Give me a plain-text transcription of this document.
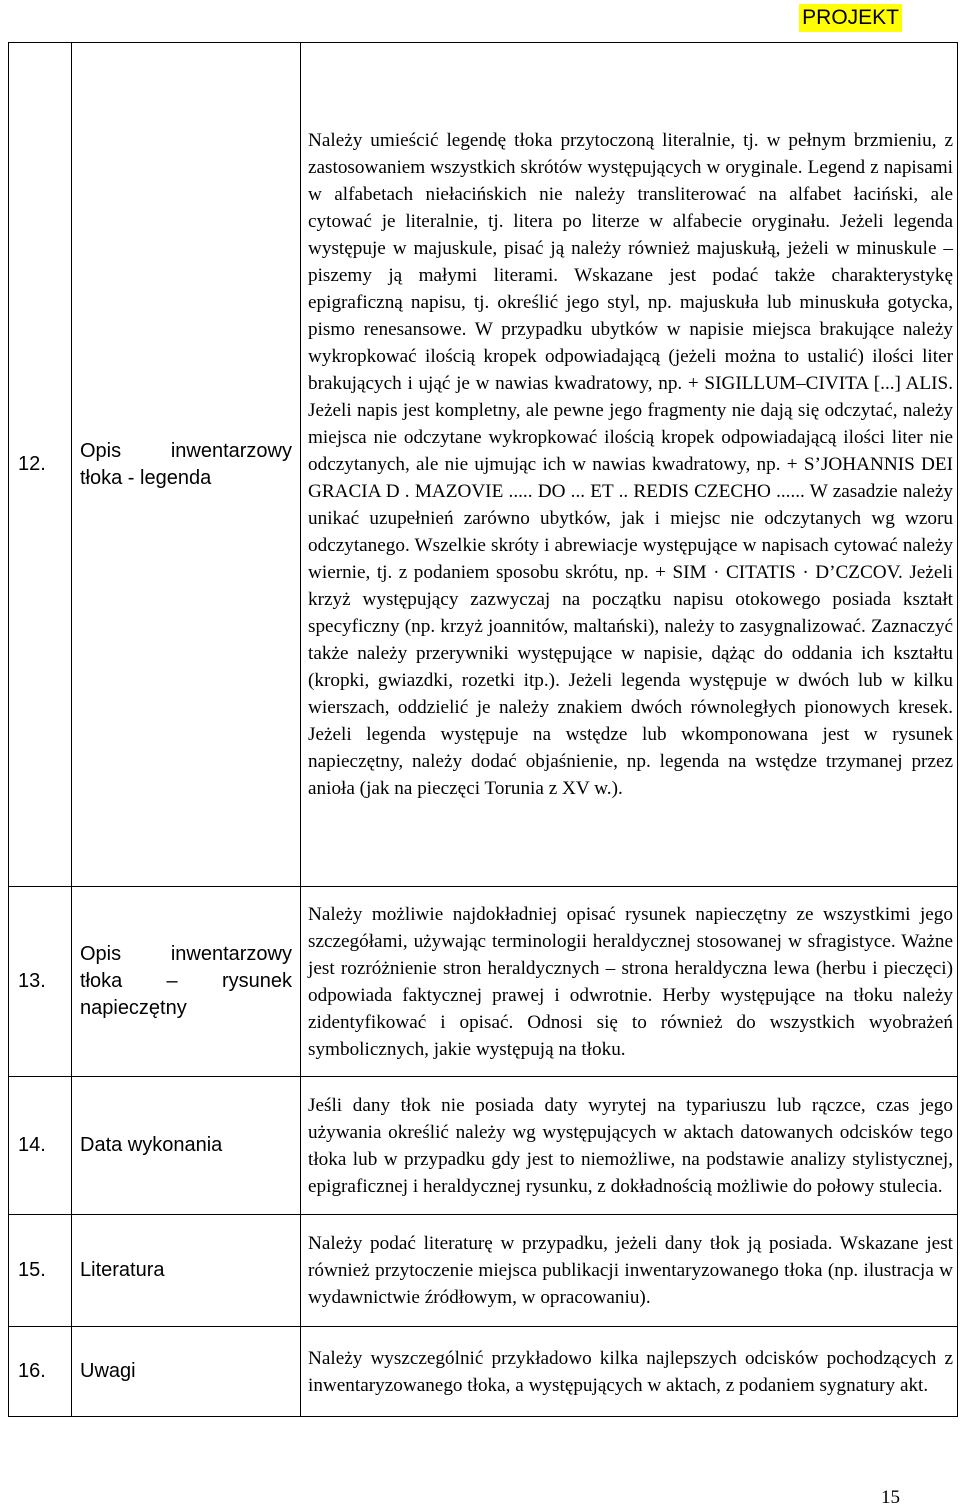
PROJEKT
12.	Opis inwentarzowy tłoka - legenda	Należy umieścić legendę tłoka przytoczoną literalnie, tj. w pełnym brzmieniu, z zastosowaniem wszystkich skrótów występujących w oryginale. Legend z napisami w alfabetach niełacińskich nie należy transliterować na alfabet łaciński, ale cytować je literalnie, tj. litera po literze w alfabecie oryginału. Jeżeli legenda występuje w majuskule, pisać ją należy również majuskułą, jeżeli w minuskule – piszemy ją małymi literami. Wskazane jest podać także charakterystykę epigraficzną napisu, tj. określić jego styl, np. majuskuła lub minuskuła gotycka, pismo renesansowe. W przypadku ubytków w napisie miejsca brakujące należy wykropkować ilością kropek odpowiadającą (jeżeli można to ustalić) ilości liter brakujących i ująć je w nawias kwadratowy, np. + SIGILLUM–CIVITA [...] ALIS. Jeżeli napis jest kompletny, ale pewne jego fragmenty nie dają się odczytać, należy miejsca nie odczytane wykropkować ilością kropek odpowiadającą ilości liter nie odczytanych, ale nie ujmując ich w nawias kwadratowy, np. + S’JOHANNIS DEI GRACIA D . MAZOVIE ..... DO ... ET .. REDIS CZECHO ...... W zasadzie należy unikać uzupełnień zarówno ubytków, jak i miejsc nie odczytanych wg wzoru odczytanego. Wszelkie skróty i abrewiacje występujące w napisach cytować należy wiernie, tj. z podaniem sposobu skrótu, np. + SIM · CITATIS · D’CZCOV. Jeżeli krzyż występujący zazwyczaj na początku napisu otokowego posiada kształt specyficzny (np. krzyż joannitów, maltański), należy to zasygnalizować. Zaznaczyć także należy przerywniki występujące w napisie, dążąc do oddania ich kształtu (kropki, gwiazdki, rozetki itp.). Jeżeli legenda występuje w dwóch lub w kilku wierszach, oddzielić je należy znakiem dwóch równoległych pionowych kresek. Jeżeli legenda występuje na wstędze lub wkomponowana jest w rysunek napieczętny, należy dodać objaśnienie, np. legenda na wstędze trzymanej przez anioła (jak na pieczęci Torunia z XV w.).
13.	Opis inwentarzowy tłoka – rysunek napieczętny	Należy możliwie najdokładniej opisać rysunek napieczętny ze wszystkimi jego szczegółami, używając terminologii heraldycznej stosowanej w sfragistyce. Ważne jest rozróżnienie stron heraldycznych – strona heraldyczna lewa (herbu i pieczęci) odpowiada faktycznej prawej i odwrotnie. Herby występujące na tłoku należy zidentyfikować i opisać. Odnosi się to również do wszystkich wyobrażeń symbolicznych, jakie występują na tłoku.
14.	Data wykonania	Jeśli dany tłok nie posiada daty wyrytej na typariuszu lub rączce, czas jego używania określić należy wg występujących w aktach datowanych odcisków tego tłoka lub w przypadku gdy jest to niemożliwe, na podstawie analizy stylistycznej, epigraficznej i heraldycznej rysunku, z dokładnością możliwie do połowy stulecia.
15.	Literatura	Należy podać literaturę w przypadku, jeżeli dany tłok ją posiada. Wskazane jest również przytoczenie miejsca publikacji inwentaryzowanego tłoka (np. ilustracja w wydawnictwie źródłowym, w opracowaniu).
16.	Uwagi	Należy wyszczególnić przykładowo kilka najlepszych odcisków pochodzących z inwentaryzowanego tłoka, a występujących w aktach, z podaniem sygnatury akt.
15
